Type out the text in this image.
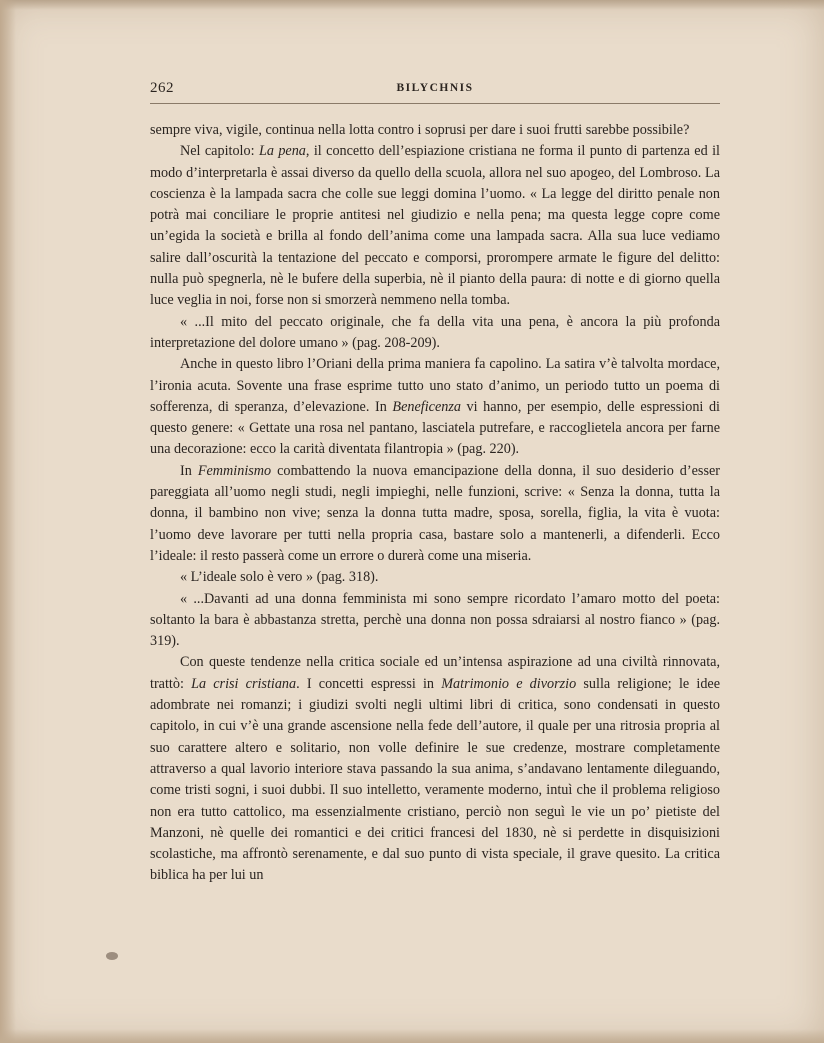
262	BILYCHNIS

sempre viva, vigile, continua nella lotta contro i soprusi per dare i suoi frutti sarebbe possibile?

Nel capitolo: La pena, il concetto dell’espiazione cristiana ne forma il punto di partenza ed il modo d’interpretarla è assai diverso da quello della scuola, allora nel suo apogeo, del Lombroso. La coscienza è la lampada sacra che colle sue leggi domina l’uomo. « La legge del diritto penale non potrà mai conciliare le proprie antitesi nel giudizio e nella pena; ma questa legge copre come un’egida la società e brilla al fondo dell’anima come una lampada sacra. Alla sua luce vediamo salire dall’oscurità la tentazione del peccato e comporsi, prorompere armate le figure del delitto: nulla può spegnerla, nè le bufere della superbia, nè il pianto della paura: di notte e di giorno quella luce veglia in noi, forse non si smorzerà nemmeno nella tomba.

« ...Il mito del peccato originale, che fa della vita una pena, è ancora la più profonda interpretazione del dolore umano » (pag. 208-209).

Anche in questo libro l’Oriani della prima maniera fa capolino. La satira v’è talvolta mordace, l’ironia acuta. Sovente una frase esprime tutto uno stato d’animo, un periodo tutto un poema di sofferenza, di speranza, d’elevazione. In Beneficenza vi hanno, per esempio, delle espressioni di questo genere: « Gettate una rosa nel pantano, lasciatela putrefare, e raccoglietela ancora per farne una decorazione: ecco la carità diventata filantropia » (pag. 220).

In Femminismo combattendo la nuova emancipazione della donna, il suo desiderio d’esser pareggiata all’uomo negli studi, negli impieghi, nelle funzioni, scrive: « Senza la donna, tutta la donna, il bambino non vive; senza la donna tutta madre, sposa, sorella, figlia, la vita è vuota: l’uomo deve lavorare per tutti nella propria casa, bastare solo a mantenerli, a difenderli. Ecco l’ideale: il resto passerà come un errore o durerà come una miseria.

« L’ideale solo è vero » (pag. 318).

« ...Davanti ad una donna femminista mi sono sempre ricordato l’amaro motto del poeta: soltanto la bara è abbastanza stretta, perchè una donna non possa sdraiarsi al nostro fianco » (pag. 319).

Con queste tendenze nella critica sociale ed un’intensa aspirazione ad una civiltà rinnovata, trattò: La crisi cristiana. I concetti espressi in Matrimonio e divorzio sulla religione; le idee adombrate nei romanzi; i giudizi svolti negli ultimi libri di critica, sono condensati in questo capitolo, in cui v’è una grande ascensione nella fede dell’autore, il quale per una ritrosia propria al suo carattere altero e solitario, non volle definire le sue credenze, mostrare completamente attraverso a qual lavorio interiore stava passando la sua anima, s’andavano lentamente dileguando, come tristi sogni, i suoi dubbi. Il suo intelletto, veramente moderno, intuì che il problema religioso non era tutto cattolico, ma essenzialmente cristiano, perciò non seguì le vie un po’ pietiste del Manzoni, nè quelle dei romantici e dei critici francesi del 1830, nè si perdette in disquisizioni scolastiche, ma affrontò serenamente, e dal suo punto di vista speciale, il grave quesito. La critica biblica ha per lui un
